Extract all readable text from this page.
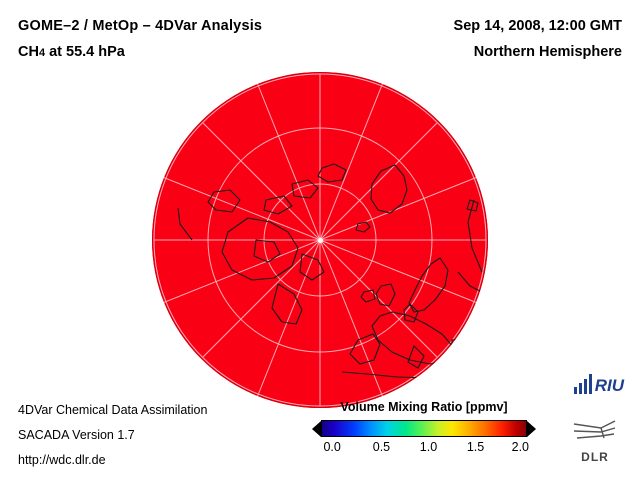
GOME–2 / MetOp – 4DVar Analysis
CH4 at 55.4 hPa
Sep 14, 2008, 12:00 GMT
Northern Hemisphere
4DVar Chemical Data Assimilation
SACADA Version 1.7
http://wdc.dlr.de
Volume Mixing Ratio [ppmv]
0.0	0.5 1.0 1.5 2.0
RIU
DLR
